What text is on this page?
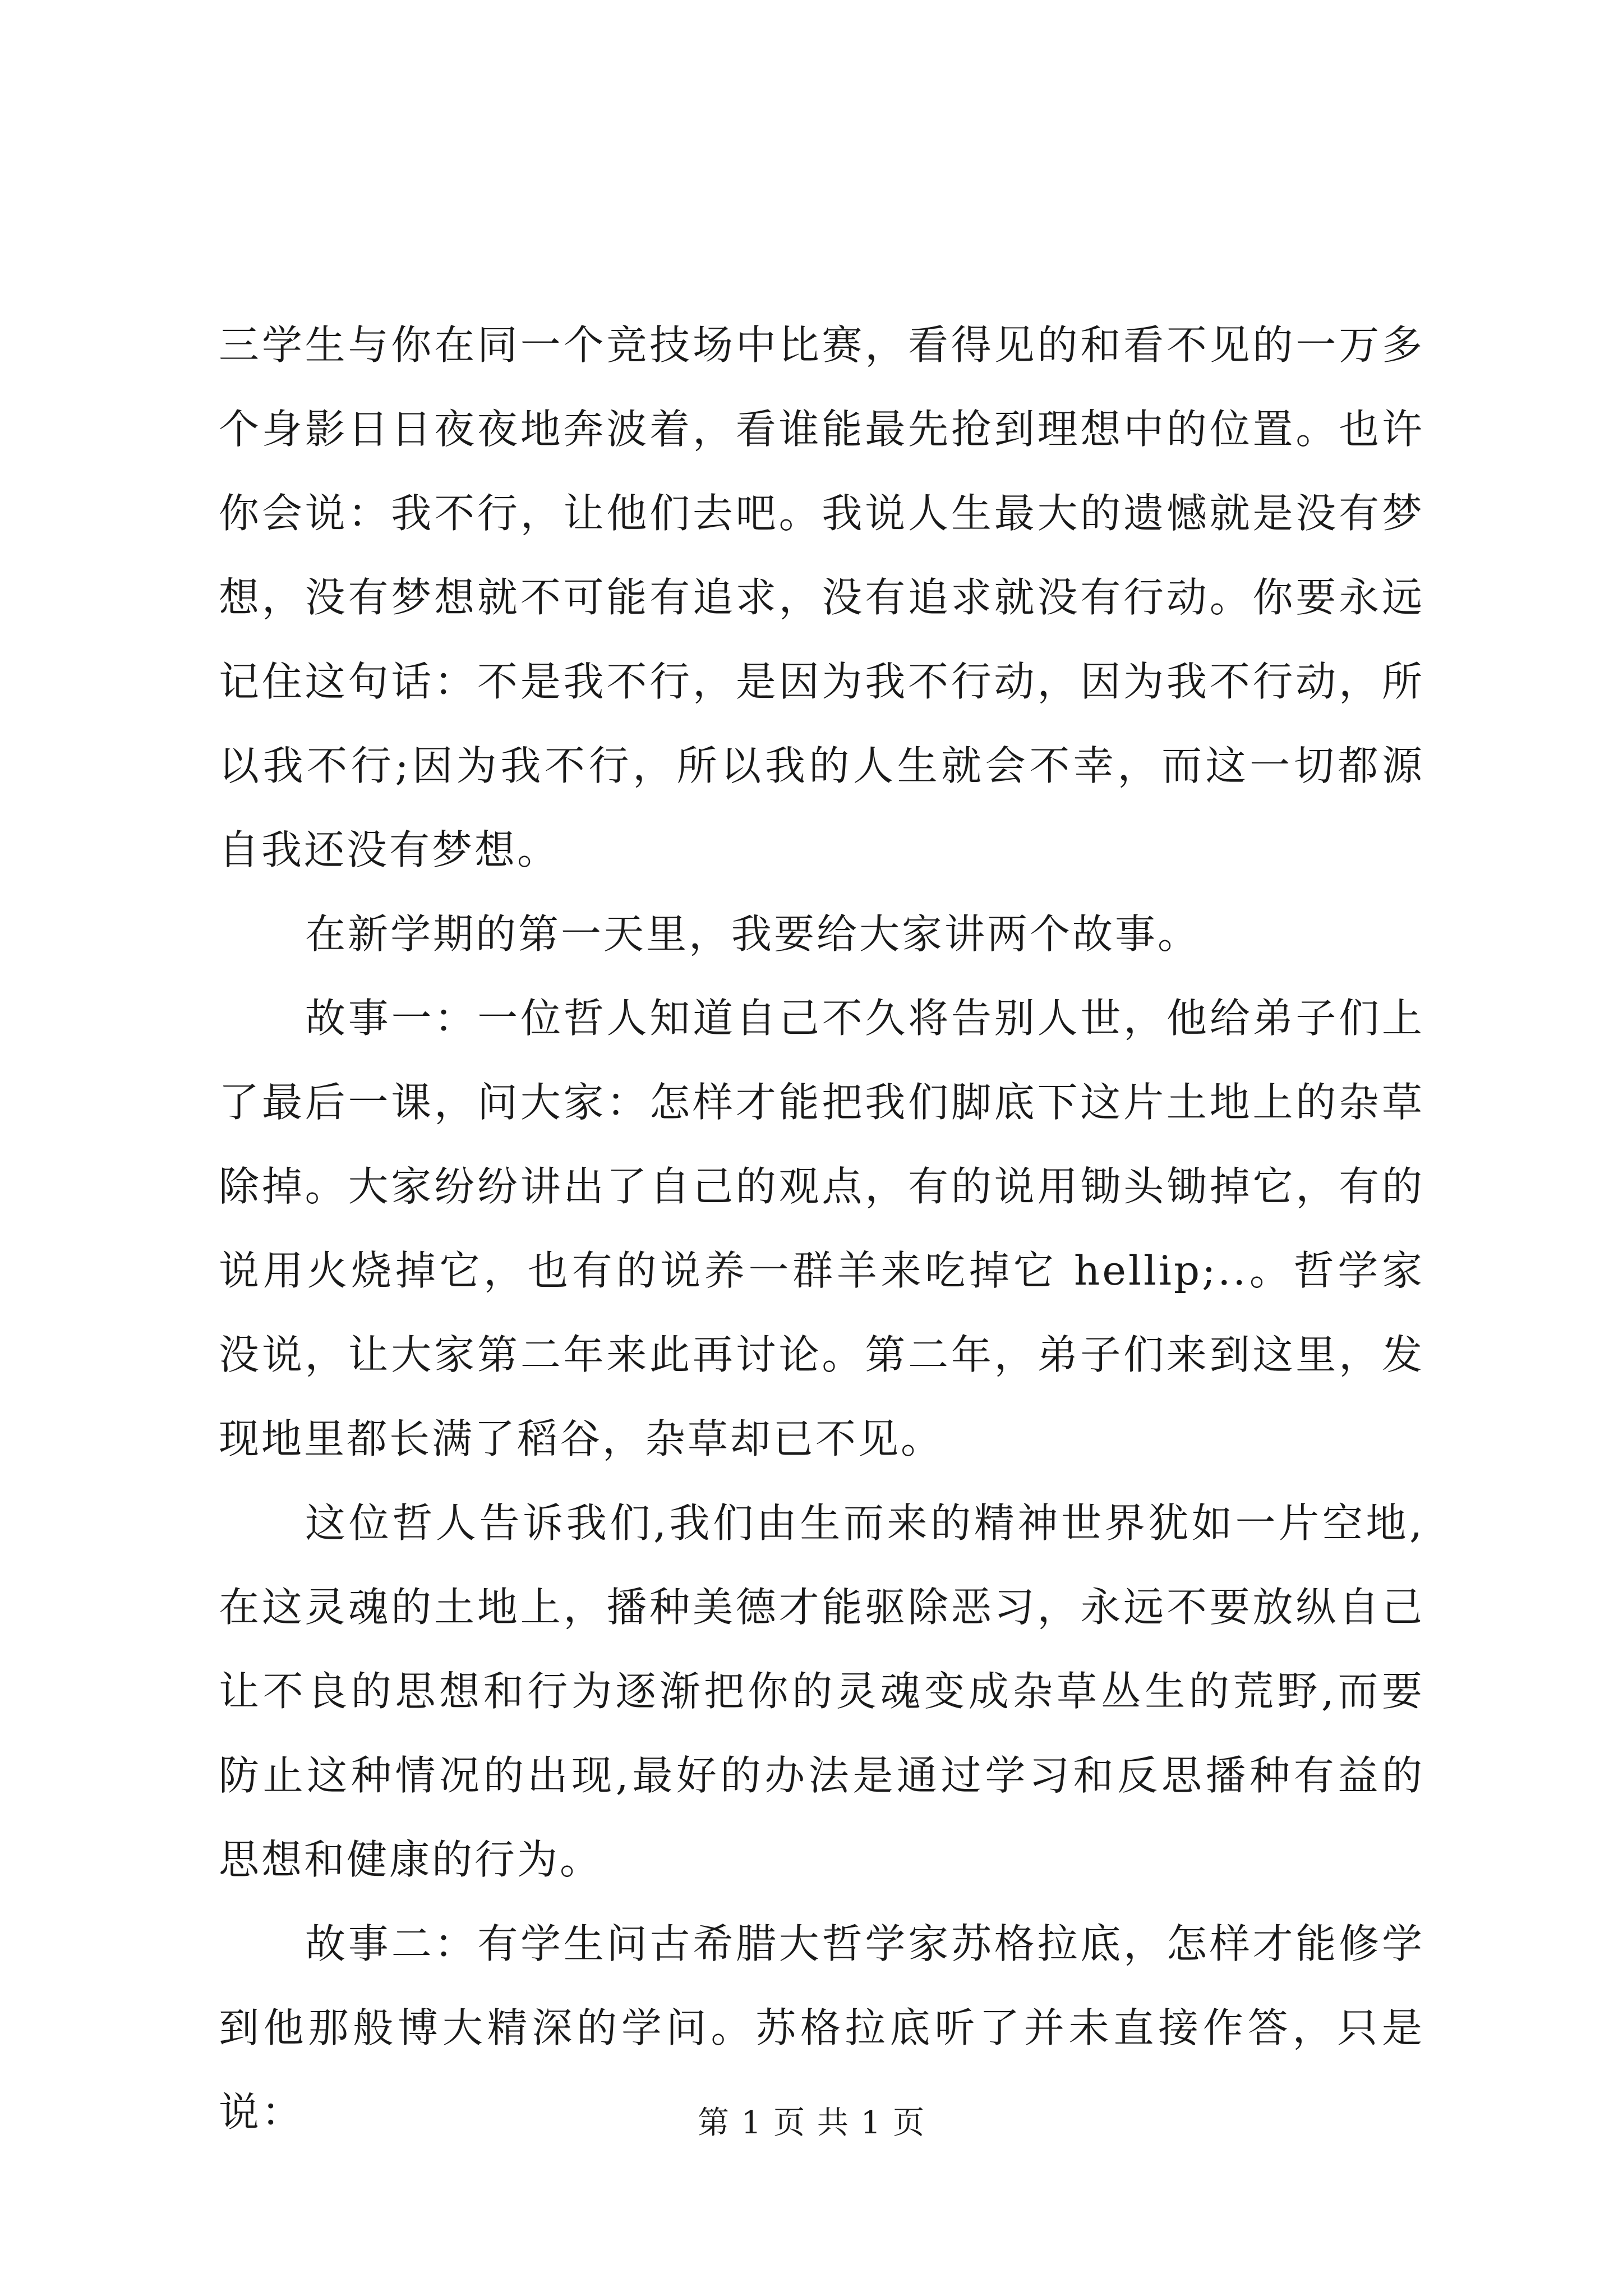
三学生与你在同一个竞技场中比赛，看得见的和看不见的一万多个身影日日夜夜地奔波着，看谁能最先抢到理想中的位置。也许你会说：我不行，让他们去吧。我说人生最大的遗憾就是没有梦想，没有梦想就不可能有追求，没有追求就没有行动。你要永远记住这句话：不是我不行，是因为我不行动，因为我不行动，所以我不行;因为我不行，所以我的人生就会不幸，而这一切都源自我还没有梦想。

在新学期的第一天里，我要给大家讲两个故事。

故事一：一位哲人知道自己不久将告别人世，他给弟子们上了最后一课，问大家：怎样才能把我们脚底下这片土地上的杂草除掉。大家纷纷讲出了自己的观点，有的说用锄头锄掉它，有的说用火烧掉它，也有的说养一群羊来吃掉它 hellip;..。哲学家没说，让大家第二年来此再讨论。第二年，弟子们来到这里，发现地里都长满了稻谷，杂草却已不见。

这位哲人告诉我们,我们由生而来的精神世界犹如一片空地,在这灵魂的土地上，播种美德才能驱除恶习，永远不要放纵自己让不良的思想和行为逐渐把你的灵魂变成杂草丛生的荒野,而要防止这种情况的出现,最好的办法是通过学习和反思播种有益的思想和健康的行为。

故事二：有学生问古希腊大哲学家苏格拉底，怎样才能修学到他那般博大精深的学问。苏格拉底听了并未直接作答，只是说：	第 1 页 共 1 页
